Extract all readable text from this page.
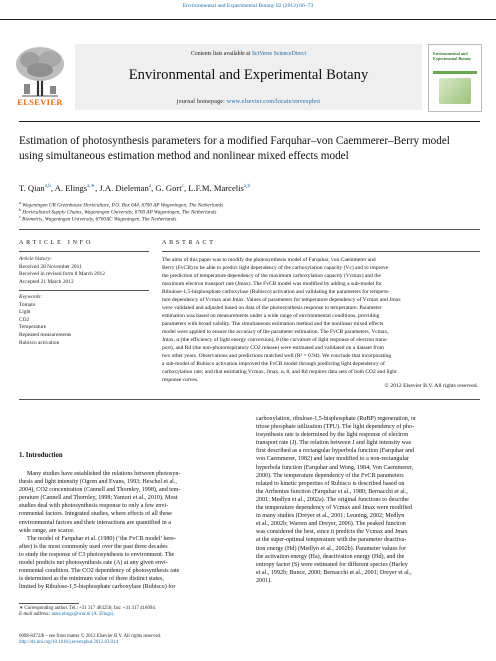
Environmental and Experimental Botany 82 (2012) 66–73
ELSEVIER
Contents lists available at SciVerse ScienceDirect
Environmental and Experimental Botany
journal homepage: www.elsevier.com/locate/envexpbot
Environmental and Experimental Botany
Estimation of photosynthesis parameters for a modified Farquhar–von Caemmerer–Berry model using simultaneous estimation method and nonlinear mixed effects model
T. Qian$^{a,b}$, A. Elings$^{a,∗}$, J.A. Dieleman$^a$, G. Gort$^c$, L.F.M. Marcelis$^{a,b}$
$^a$ Wageningen UR Greenhouse Horticulture, P.O. Box 644, 6700 AP Wageningen, The Netherlands
$^b$ Horticultural Supply Chains, Wageningen University, 6700 AP Wageningen, The Netherlands
$^c$ Biometris, Wageningen University, 6700AC Wageningen, The Netherlands
ARTICLE INFO
Article history:
Received 28 November 2011
Received in revised form 8 March 2012
Accepted 21 March 2012
Keywords:
Tomato
Light
CO2
Temperature
Repeated measurements
Rubisco activation
ABSTRACT
The aims of this paper was to modify the photosynthesis model of Farquhar, von Caemmerer and
Berry (FvCB) to be able to predict light dependency of the carboxylation capacity (Vc) and to improve
the prediction of temperature dependency of the maximum carboxylation capacity (Vcmax) and the
maximum electron transport rate (Jmax). The FvCB model was modified by adding a sub-model for
Ribulose-1,5-bisphosphate carboxylase (Rubisco) activation and validating the parameters for tempera-
ture dependency of Vcmax and Jmax. Values of parameters for temperature dependency of Vcmax and Jmax
were validated and adjusted based on data of the photosynthesis response to temperature. Parameter
estimation was based on measurements under a wide range of environmental conditions, providing
parameters with broad validity. The simultaneous estimation method and the nonlinear mixed effects
model were applied to ensure the accuracy of the parameter estimation. The FvCB parameters, Vcmax,
Jmax, α (the efficiency of light energy conversion), θ (the curvature of light response of electron trans-
port), and Rd (the non-photorespiratory CO2 release) were estimated and validated on a dataset from
two other years. Observations and predictions matched well (R² = 0.94). We conclude that incorporating
a sub-model of Rubisco activation improved the FvCB model through predicting light dependency of
carboxylation rate; and that estimating Vcmax, Jmax, α, θ, and Rd requires data sets of both CO2 and light
response curves.
© 2012 Elsevier B.V. All rights reserved.
1. Introduction
Many studies have established the relations between photosyn-
thesis and light intensity (Ogren and Evans, 1993; Heschel et al.,
2004), CO2 concentration (Cannell and Thornley, 1998), and tem-
perature (Cannell and Thornley, 1998; Yamori et al., 2010). Most
studies deal with photosynthesis response to only a few envi-
ronmental factors. Integrated studies, where effects of all these
environmental factors and their interactions are quantified in a
wide range, are scarce.
The model of Farquhar et al. (1980) (‘the FvCB model’ here-
after) is the most commonly used over the past three decades
to study the response of C3 photosynthesis to environment. The
model predicts net photosynthesis rate (A) at any given envi-
ronmental condition. The CO2 dependency of photosynthesis rate
is determined as the minimum value of three distinct states,
limited by Ribulose-1,5-bisphosphate carboxylase (Rubisco) for
carboxylation, ribulose-1,5-bisphosphate (RuBP) regeneration, or
triose phosphate utilization (TPU). The light dependency of pho-
tosynthesis rate is determined by the light response of electron
transport rate (J). The relation between J and light intensity was
first described as a rectangular hyperbola function (Farquhar and
von Caemmerer, 1982) and later modified to a non-rectangular
hyperbola function (Farquhar and Wong, 1984; Von Caemmerer,
2000). The temperature dependency of the FvCB parameters
related to kinetic properties of Rubisco is described based on
the Arrhenius function (Farquhar et al., 1980; Bernacchi et al.,
2001; Medlyn et al., 2002a). The original functions to describe
the temperature dependency of Vcmax and Jmax were modified
in many studies (Dreyer et al., 2001; Leuning, 2002; Medlyn
et al., 2002b; Warren and Dreyer, 2006). The peaked function
was considered the best, since it predicts the Vcmax and Jmax
at the super-optimal temperature with the parameter deactiva-
tion energy (Hd) (Medlyn et al., 2002b). Parameter values for
the activation energy (Ha), deactivation energy (Hd), and the
entropy factor (S) were estimated for different species (Harley
et al., 1992b; Bunce, 2000; Bernacchi et al., 2001; Dreyer et al.,
2001).
∗ Corresponding author. Tel.: +31 317 483250; fax: +31 317 418094.
E-mail address: anne.elings@wur.nl (A. Elings).
0098-8472/$ – see front matter © 2012 Elsevier B.V. All rights reserved.
http://dx.doi.org/10.1016/j.envexpbot.2012.03.014
